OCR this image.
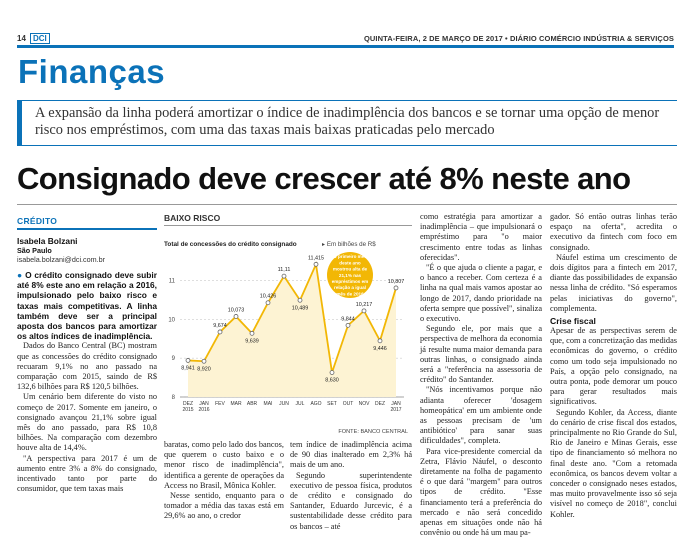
14 DCI	QUINTA-FEIRA, 2 DE MARÇO DE 2017 • DIÁRIO COMÉRCIO INDÚSTRIA & SERVIÇOS
Finanças
A expansão da linha poderá amortizar o índice de inadimplência dos bancos e se tornar uma opção de menor risco nos empréstimos, com uma das taxas mais baixas praticadas pelo mercado
Consignado deve crescer até 8% neste ano
CRÉDITO
Isabela Bolzani
São Paulo
isabela.bolzani@dci.com.br
● O crédito consignado deve subir até 8% este ano em relação a 2016, impulsionado pelo baixo risco e taxas mais competitivas. A linha também deve ser a principal aposta dos bancos para amortizar os altos índices de inadimplência.

Dados do Banco Central (BC) mostram que as concessões do crédito consignado recuaram 9,1% no ano passado na comparação com 2015, saindo de R$ 132,6 bilhões para R$ 120,5 bilhões.

Um cenário bem diferente do visto no começo de 2017. Somente em janeiro, o consignado avançou 21,1% sobre igual mês do ano passado, para R$ 10,8 bilhões. Na comparação com dezembro houve alta de 14,4%.

"A perspectiva para 2017 é um de aumento entre 3% a 8% do consignado, incentivado tanto por parte do consumidor, que tem taxas mais

BAIXO RISCO
Total de concessões do crédito consignado	▸ Em bilhões de R$
8
9
10
11
8,941
DEZ
2015
8,920
JAN
2016
9,674
FEV
10,073
MAR
9,639
ABR
10,426
MAI
11,11
JUN
10,489
JUL
11,415
AGO
8,630
SET
9,844
OUT
10,217
NOV
9,446
DEZ
10,807
JAN
2017
O primeiro mês
deste ano
mostrou alta de
21,1% nas
empréstimos em
relação a igual
mês de 2016
FONTE: BANCO CENTRAL

baratas, como pelo lado dos bancos, que querem o custo baixo e o menor risco de inadimplência", identifica a gerente de operações da Access no Brasil, Mônica Kohler.

Nesse sentido, enquanto para o tomador a média das taxas está em 29,6% ao ano, o credor

tem índice de inadimplência acima de 90 dias inalterado em 2,3% há mais de um ano.

Segundo superintendente executivo de pessoa física, produtos de crédito e consignado do Santander, Eduardo Jurcevic, é a sustentabilidade desse crédito para os bancos – até

como estratégia para amortizar a inadimplência – que impulsionará o empréstimo para "o maior crescimento entre todas as linhas oferecidas".

"É o que ajuda o cliente a pagar, e o banco a receber. Com certeza é a linha na qual mais vamos apostar ao longo de 2017, dando prioridade na oferta sempre que possível", sinaliza o executivo.

Segundo ele, por mais que a perspectiva de melhora da economia já resulte numa maior demanda para outras linhas, o consignado ainda será a "referência na assessoria de crédito" do Santander.

"Nós incentivamos porque não adianta oferecer 'dosagem homeopática' em um ambiente onde as pessoas precisam de 'um antibiótico' para sanar suas dificuldades", completa.

Para vice-presidente comercial da Zetra, Flávio Náufel, o desconto diretamente na folha de pagamento é o que dará "margem" para outros tipos de crédito. "Esse financiamento terá a preferência do mercado e não será concedido apenas em situações onde não há convênio ou onde há um mau pa-

gador. Só então outras linhas terão espaço na oferta", acredita o executivo da fintech com foco em consignado.

Náufel estima um crescimento de dois dígitos para a fintech em 2017, diante das possibilidades de expansão nessa linha de crédito. "Só esperamos pelas iniciativas do governo", complementa.

Crise fiscal

Apesar de as perspectivas serem de que, com a concretização das medidas econômicas do governo, o crédito como um todo seja impulsionado no País, a opção pelo consignado, na outra ponta, pode demorar um pouco para gerar resultados mais significativos.

Segundo Kohler, da Access, diante do cenário de crise fiscal dos estados, principalmente no Rio Grande do Sul, Rio de Janeiro e Minas Gerais, esse tipo de financiamento só melhora no final deste ano. "Com a retomada econômica, os bancos devem voltar a conceder o consignado neses estados, mas muito provavelmente isso só seja visível no começo de 2018", conclui Kohler.
